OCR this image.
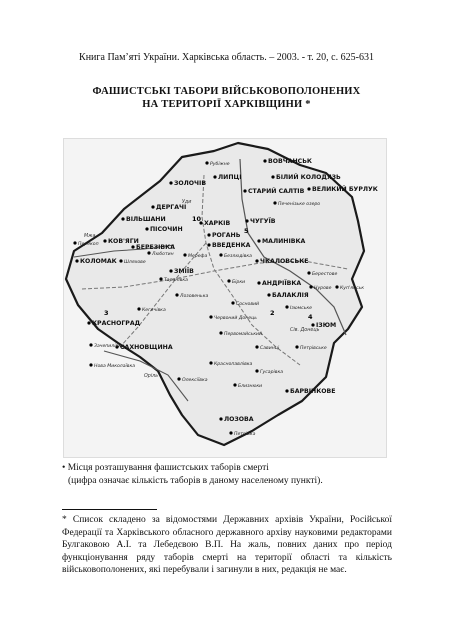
Книга Пам’яті України. Харківська область. – 2003. - т. 20, с. 625-631
ФАШИСТСЬКІ ТАБОРИ ВІЙСЬКОВОПОЛОНЕНИХ
НА ТЕРИТОРІЇ ХАРКІВЩИНИ *
ХАРКІВ
ДЕРГАЧІ
ЗОЛОЧІВ
ЗМІЇВ
ЧУГУЇВ
МАЛИНІВКА
ВЕЛИКИЙ БУРЛУК
ВОВЧАНСЬК
БІЛИЙ КОЛОДЯЗЬ
СТАРИЙ САЛТІВ
ЛИПЦІ
РОГАНЬ
ВВЕДЕНКА
ПІСОЧИН
ВІЛЬШАНИ
КОЛОМАК
КОВ'ЯГИ
БЕРЕЗІВКА
ЧКАЛОВСЬКЕ
АНДРІЇВКА
БАЛАКЛІЯ
ІЗЮМ
КРАСНОГРАД
САХНОВЩИНА
ЛОЗОВА
БАРВІНКОВЕ
Рубіжне
Печенізьке озеро
Перекоп
Шляхове
Люботин	Мерефа
Таранівка
Безлюдівка
Берестове
Куп'янськ
Нурове
Петрівське
Бірки
Сосновий
Червоний Донець
Первомайський
Лозовенька
Кегичівка
Зачепилівка
Ізюмське
Нова Миколаївка	Краснопавлівка
Олексіївка
Близнюки
Савинці
Гусарівка
Петрівка
10
5
4
2
3
Мжа
Оріль
Сів. Донець
Уди
• Місця розташування фашистських таборів смерті
(цифра означає кількість таборів в даному населеному пункті).
* Список складено за відомостями Державних архівів України, Російської Федерації та Харківського обласного державного архіву науковими редакторами Булгаковою А.І. та Лебедєвою В.П. На жаль, повних даних про період функціонування ряду таборів смерті на території області та кількість військовополонених, які перебували і загинули в них, редакція не має.
